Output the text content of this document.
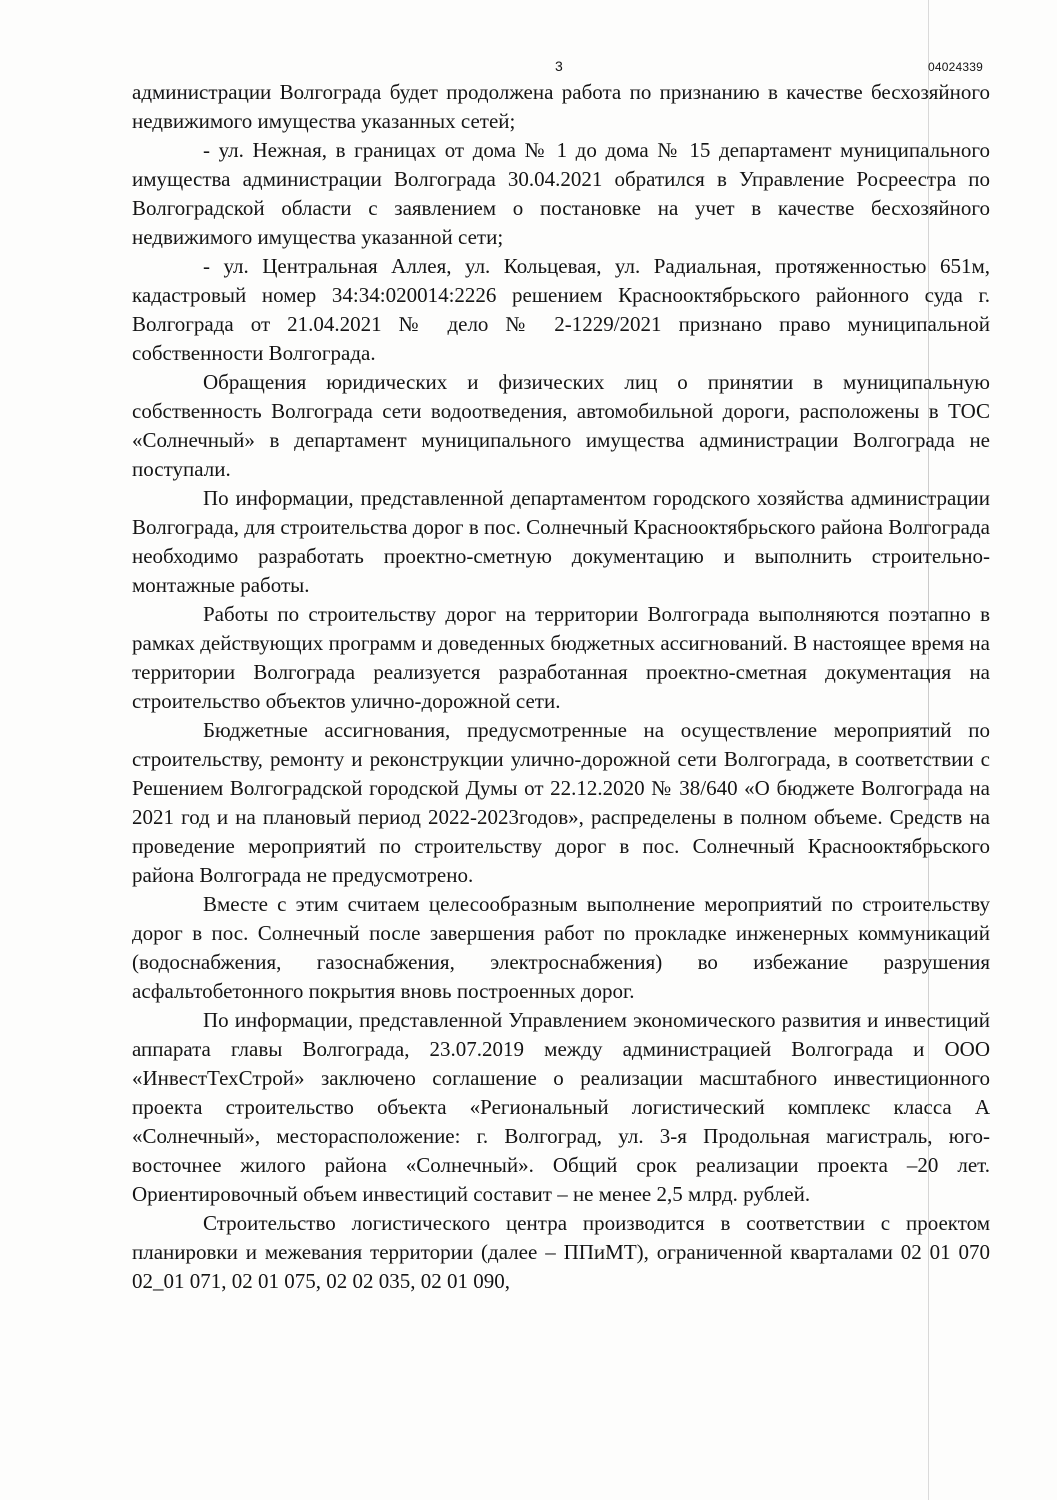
3	04024339

администрации Волгограда будет продолжена работа по признанию в качестве бесхозяйного недвижимого имущества указанных сетей;

- ул. Нежная, в границах от дома № 1 до дома № 15 департамент муниципального имущества администрации Волгограда 30.04.2021 обратился в Управление Росреестра по Волгоградской области с заявлением о постановке на учет в качестве бесхозяйного недвижимого имущества указанной сети;

- ул. Центральная Аллея, ул. Кольцевая, ул. Радиальная, протяженностью 651м, кадастровый номер 34:34:020014:2226 решением Краснооктябрьского районного суда г. Волгограда от 21.04.2021 № дело № 2-1229/2021 признано право муниципальной собственности Волгограда.

Обращения юридических и физических лиц о принятии в муниципальную собственность Волгограда сети водоотведения, автомобильной дороги, расположены в ТОС «Солнечный» в департамент муниципального имущества администрации Волгограда не поступали.

По информации, представленной департаментом городского хозяйства администрации Волгограда, для строительства дорог в пос. Солнечный Краснооктябрьского района Волгограда необходимо разработать проектно-сметную документацию и выполнить строительно-монтажные работы.

Работы по строительству дорог на территории Волгограда выполняются поэтапно в рамках действующих программ и доведенных бюджетных ассигнований. В настоящее время на территории Волгограда реализуется разработанная проектно-сметная документация на строительство объектов улично-дорожной сети.

Бюджетные ассигнования, предусмотренные на осуществление мероприятий по строительству, ремонту и реконструкции улично-дорожной сети Волгограда, в соответствии с Решением Волгоградской городской Думы от 22.12.2020 № 38/640 «О бюджете Волгограда на 2021 год и на плановый период 2022-2023годов», распределены в полном объеме. Средств на проведение мероприятий по строительству дорог в пос. Солнечный Краснооктябрьского района Волгограда не предусмотрено.

Вместе с этим считаем целесообразным выполнение мероприятий по строительству дорог в пос. Солнечный после завершения работ по прокладке инженерных коммуникаций (водоснабжения, газоснабжения, электроснабжения) во избежание разрушения асфальтобетонного покрытия вновь построенных дорог.

По информации, представленной Управлением экономического развития и инвестиций аппарата главы Волгограда, 23.07.2019 между администрацией Волгограда и ООО «ИнвестТехСтрой» заключено соглашение о реализации масштабного инвестиционного проекта строительство объекта «Региональный логистический комплекс класса А «Солнечный», месторасположение: г. Волгоград, ул. 3-я Продольная магистраль, юго-восточнее жилого района «Солнечный». Общий срок реализации проекта –20 лет. Ориентировочный объем инвестиций составит – не менее 2,5 млрд. рублей.

Строительство логистического центра производится в соответствии с проектом планировки и межевания территории (далее – ППиМТ), ограниченной кварталами 02 01 070 02_01 071, 02 01 075, 02 02 035, 02 01 090,
